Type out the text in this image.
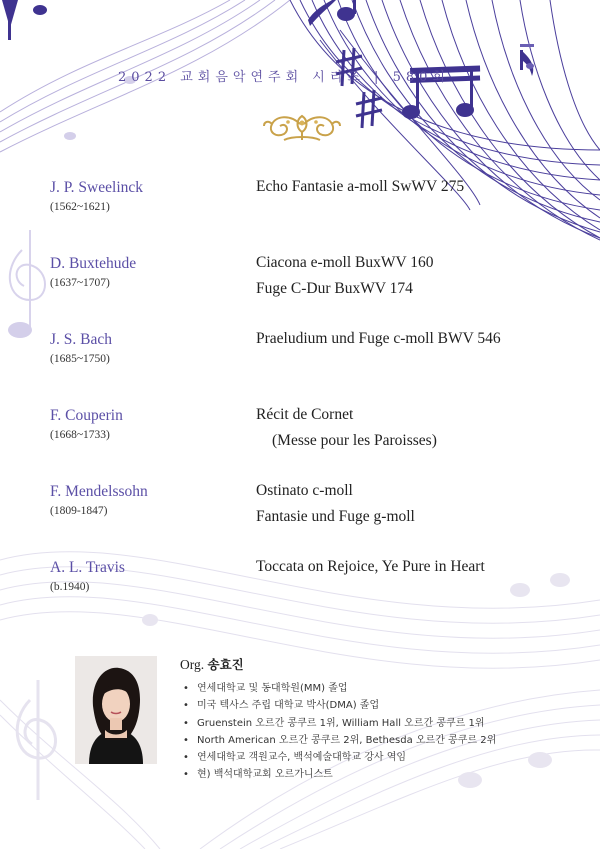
2022 교회음악연주회 시리즈 | 580회
J. P. Sweelinck
(1562~1621)
Echo Fantasie a-moll SwWV 275
D. Buxtehude
(1637~1707)
Ciacona e-moll BuxWV 160
Fuge C-Dur BuxWV 174
J. S. Bach
(1685~1750)
Praeludium und Fuge c-moll BWV 546
F. Couperin
(1668~1733)
Récit de Cornet
(Messe pour les Paroisses)
F. Mendelssohn
(1809-1847)
Ostinato c-moll
Fantasie und Fuge g-moll
A. L. Travis
(b.1940)
Toccata on Rejoice, Ye Pure in Heart
Org. 송효진
• 연세대학교 및 동대학원(MM) 졸업
• 미국 텍사스 주립 대학교 박사(DMA) 졸업
• Gruenstein 오르간 콩쿠르 1위, William Hall 오르간 콩쿠르 1위
• North American 오르간 콩쿠르 2위, Bethesda 오르간 콩쿠르 2위
• 연세대학교 객원교수, 백석예술대학교 강사 역임
• 현) 백석대학교회 오르가니스트
